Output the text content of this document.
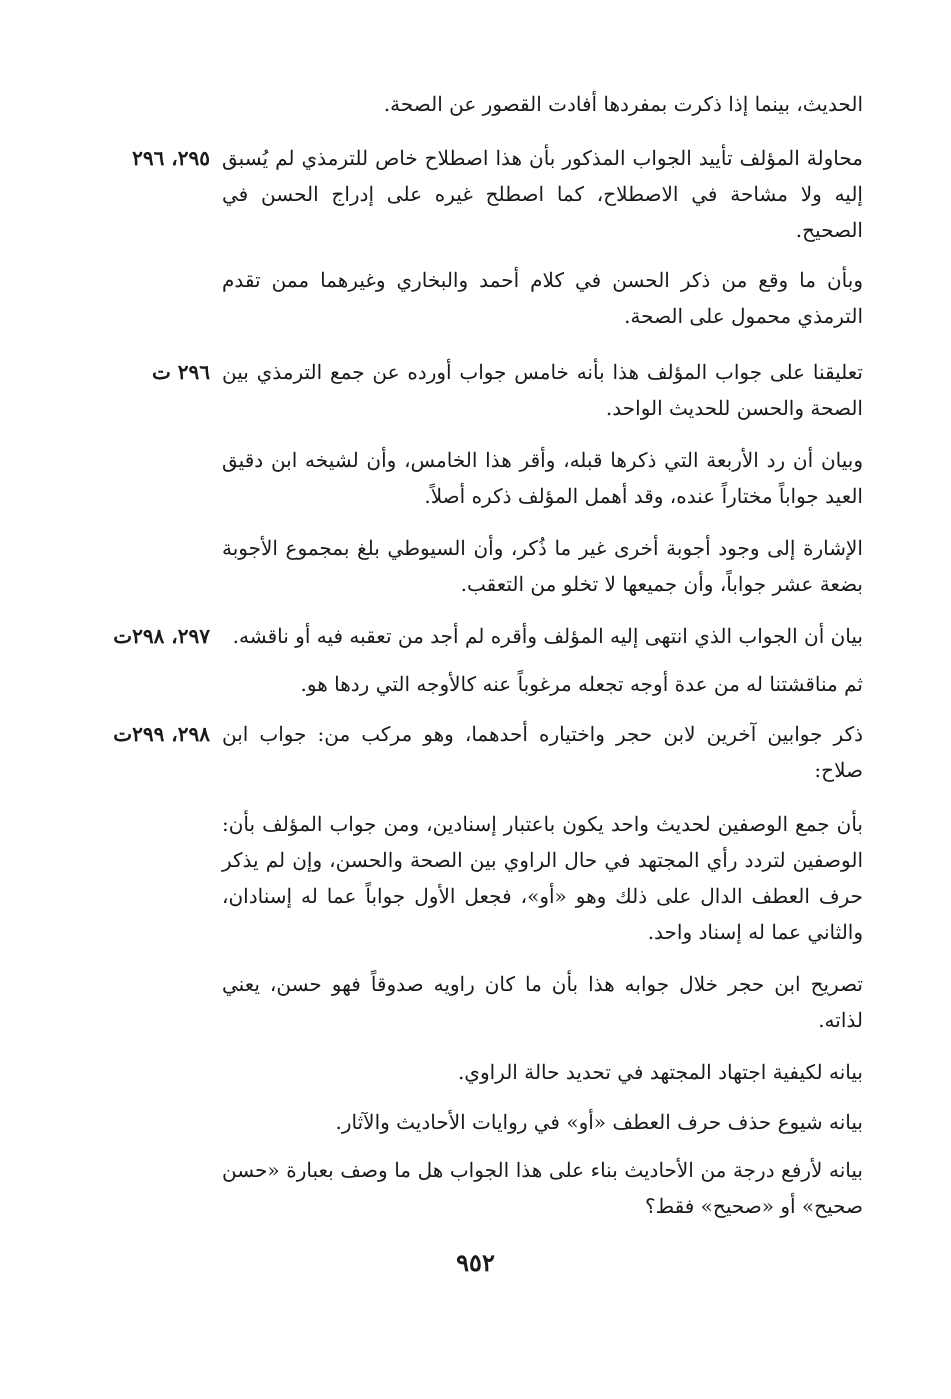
الحديث، بينما إذا ذكرت بمفردها أفادت القصور عن الصحة.
محاولة المؤلف تأييد الجواب المذكور بأن هذا اصطلاح خاص للترمذي لم يُسبق إليه ولا مشاحة في الاصطلاح، كما اصطلح غيره على إدراج الحسن في الصحيح.
٢٩٥، ٢٩٦
وبأن ما وقع من ذكر الحسن في كلام أحمد والبخاري وغيرهما ممن تقدم الترمذي محمول على الصحة.
تعليقنا على جواب المؤلف هذا بأنه خامس جواب أورده عن جمع الترمذي بين الصحة والحسن للحديث الواحد.
٢٩٦ ت
وبيان أن رد الأربعة التي ذكرها قبله، وأقر هذا الخامس، وأن لشيخه ابن دقيق العيد جواباً مختاراً عنده، وقد أهمل المؤلف ذكره أصلاً.
الإشارة إلى وجود أجوبة أخرى غير ما ذُكر، وأن السيوطي بلغ بمجموع الأجوبة بضعة عشر جواباً، وأن جميعها لا تخلو من التعقب.
بيان أن الجواب الذي انتهى إليه المؤلف وأقره لم أجد من تعقبه فيه أو ناقشه.
٢٩٧، ٢٩٨ت
ثم مناقشتنا له من عدة أوجه تجعله مرغوباً عنه كالأوجه التي ردها هو.
ذكر جوابين آخرين لابن حجر واختياره أحدهما، وهو مركب من: جواب ابن صلاح:
٢٩٨، ٢٩٩ت
بأن جمع الوصفين لحديث واحد يكون باعتبار إسنادين، ومن جواب المؤلف بأن: الوصفين لتردد رأي المجتهد في حال الراوي بين الصحة والحسن، وإن لم يذكر حرف العطف الدال على ذلك وهو «أو»، فجعل الأول جواباً عما له إسنادان، والثاني عما له إسناد واحد.
تصريح ابن حجر خلال جوابه هذا بأن ما كان راويه صدوقاً فهو حسن، يعني لذاته.
بيانه لكيفية اجتهاد المجتهد في تحديد حالة الراوي.
بيانه شيوع حذف حرف العطف «أو» في روايات الأحاديث والآثار.
بيانه لأرفع درجة من الأحاديث بناء على هذا الجواب هل ما وصف بعبارة «حسن صحيح» أو «صحيح» فقط؟
٩٥٢
